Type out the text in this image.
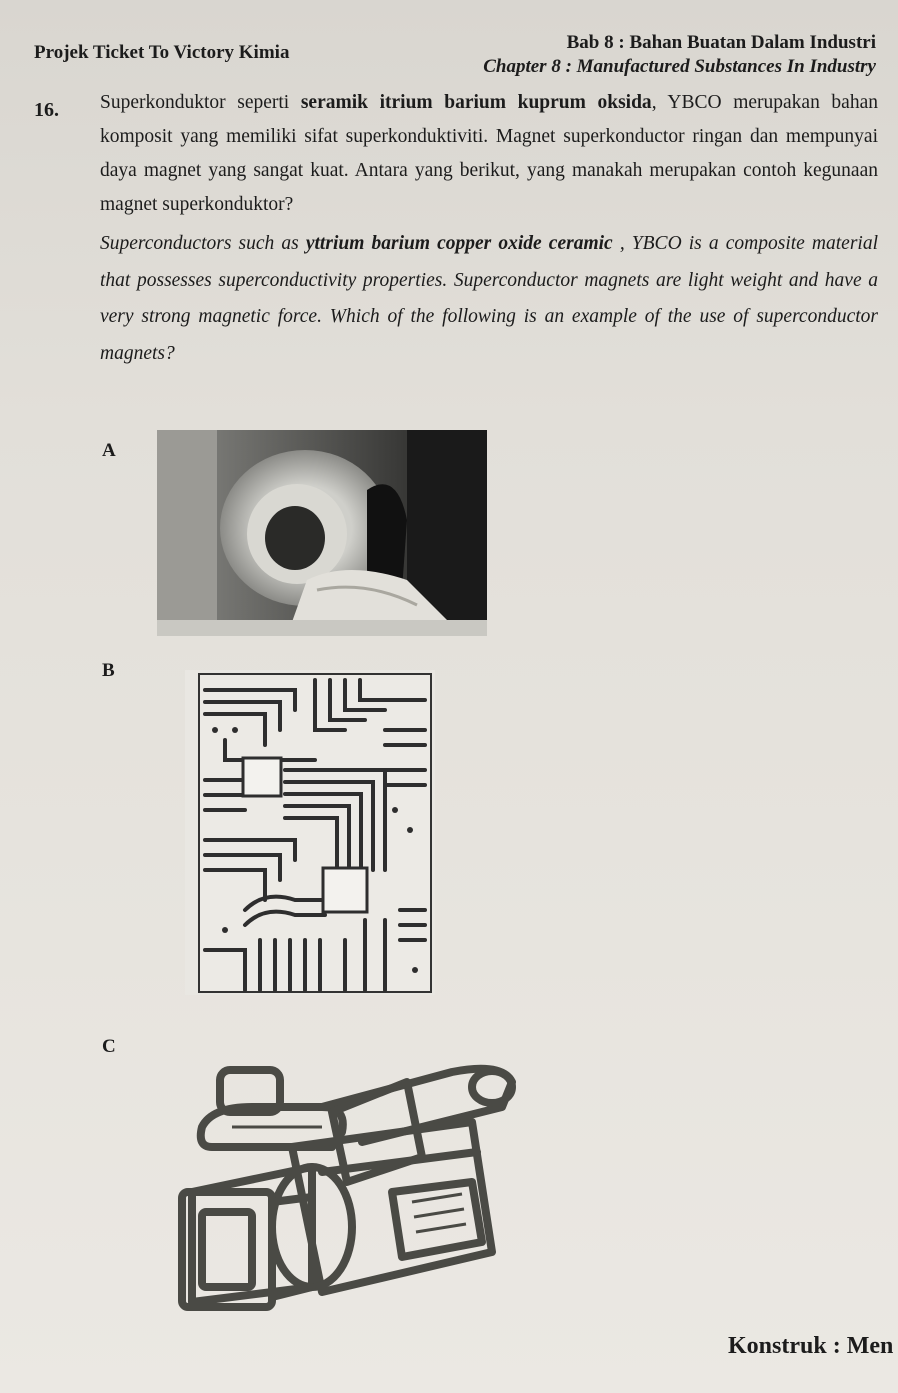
Projek Ticket To Victory Kimia	Bab 8 : Bahan Buatan Dalam Industri
Chapter 8 : Manufactured Substances In Industry
16. Superkonduktor seperti seramik itrium barium kuprum oksida, YBCO merupakan bahan komposit yang memiliki sifat superkonduktiviti. Magnet superkonductor ringan dan mempunyai daya magnet yang sangat kuat. Antara yang berikut, yang manakah merupakan contoh kegunaan magnet superkonduktor?
Superconductors such as yttrium barium copper oxide ceramic , YBCO is a composite material that possesses superconductivity properties. Superconductor magnets are light weight and have a very strong magnetic force. Which of the following is an example of the use of superconductor magnets?
A
B
C
Konstruk : Men
